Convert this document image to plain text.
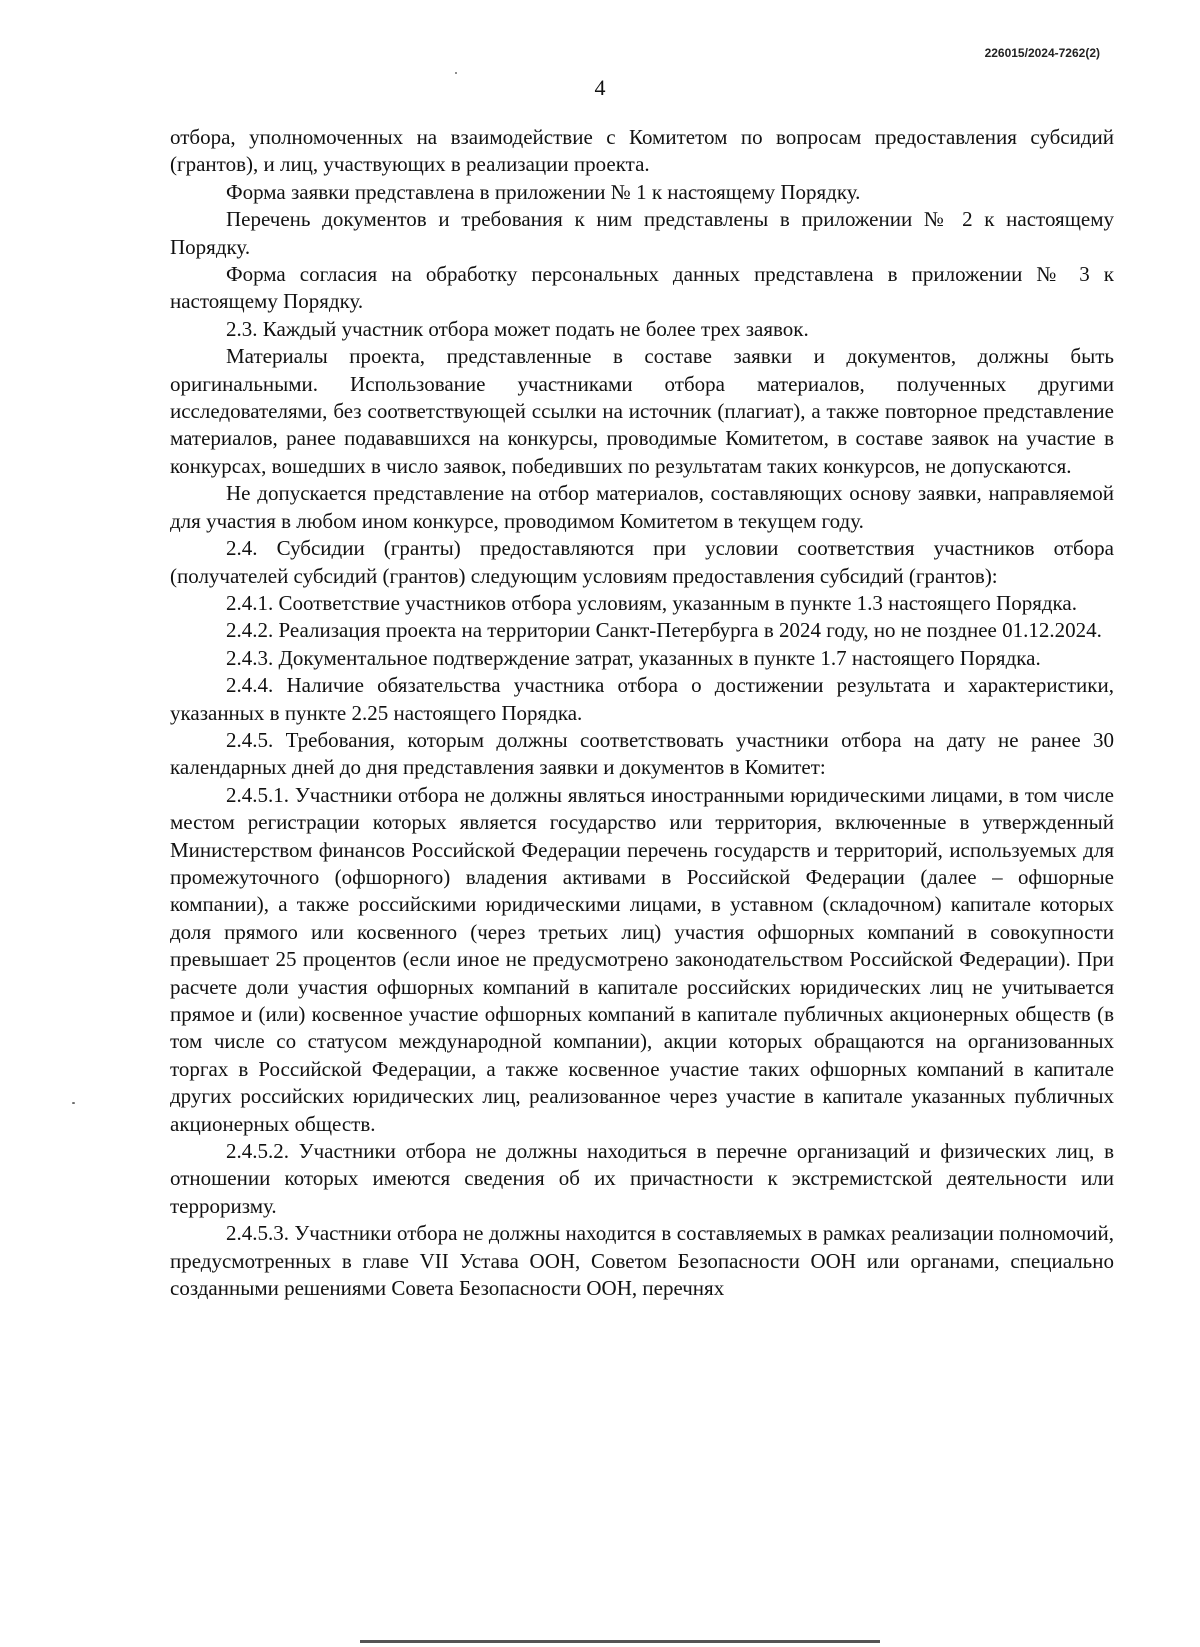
226015/2024-7262(2)
4

отбора, уполномоченных на взаимодействие с Комитетом по вопросам предоставления субсидий (грантов), и лиц, участвующих в реализации проекта.

Форма заявки представлена в приложении № 1 к настоящему Порядку.

Перечень документов и требования к ним представлены в приложении № 2 к настоящему Порядку.

Форма согласия на обработку персональных данных представлена в приложении № 3 к настоящему Порядку.

2.3. Каждый участник отбора может подать не более трех заявок.

Материалы проекта, представленные в составе заявки и документов, должны быть оригинальными. Использование участниками отбора материалов, полученных другими исследователями, без соответствующей ссылки на источник (плагиат), а также повторное представление материалов, ранее подававшихся на конкурсы, проводимые Комитетом, в составе заявок на участие в конкурсах, вошедших в число заявок, победивших по результатам таких конкурсов, не допускаются.

Не допускается представление на отбор материалов, составляющих основу заявки, направляемой для участия в любом ином конкурсе, проводимом Комитетом в текущем году.

2.4. Субсидии (гранты) предоставляются при условии соответствия участников отбора (получателей субсидий (грантов) следующим условиям предоставления субсидий (грантов):

2.4.1. Соответствие участников отбора условиям, указанным в пункте 1.3 настоящего Порядка.

2.4.2. Реализация проекта на территории Санкт-Петербурга в 2024 году, но не позднее 01.12.2024.

2.4.3. Документальное подтверждение затрат, указанных в пункте 1.7 настоящего Порядка.

2.4.4. Наличие обязательства участника отбора о достижении результата и характеристики, указанных в пункте 2.25 настоящего Порядка.

2.4.5. Требования, которым должны соответствовать участники отбора на дату не ранее 30 календарных дней до дня представления заявки и документов в Комитет:

2.4.5.1. Участники отбора не должны являться иностранными юридическими лицами, в том числе местом регистрации которых является государство или территория, включенные в утвержденный Министерством финансов Российской Федерации перечень государств и территорий, используемых для промежуточного (офшорного) владения активами в Российской Федерации (далее – офшорные компании), а также российскими юридическими лицами, в уставном (складочном) капитале которых доля прямого или косвенного (через третьих лиц) участия офшорных компаний в совокупности превышает 25 процентов (если иное не предусмотрено законодательством Российской Федерации). При расчете доли участия офшорных компаний в капитале российских юридических лиц не учитывается прямое и (или) косвенное участие офшорных компаний в капитале публичных акционерных обществ (в том числе со статусом международной компании), акции которых обращаются на организованных торгах в Российской Федерации, а также косвенное участие таких офшорных компаний в капитале других российских юридических лиц, реализованное через участие в капитале указанных публичных акционерных обществ.

2.4.5.2. Участники отбора не должны находиться в перечне организаций и физических лиц, в отношении которых имеются сведения об их причастности к экстремистской деятельности или терроризму.

2.4.5.3. Участники отбора не должны находится в составляемых в рамках реализации полномочий, предусмотренных в главе VII Устава ООН, Советом Безопасности ООН или органами, специально созданными решениями Совета Безопасности ООН, перечнях
